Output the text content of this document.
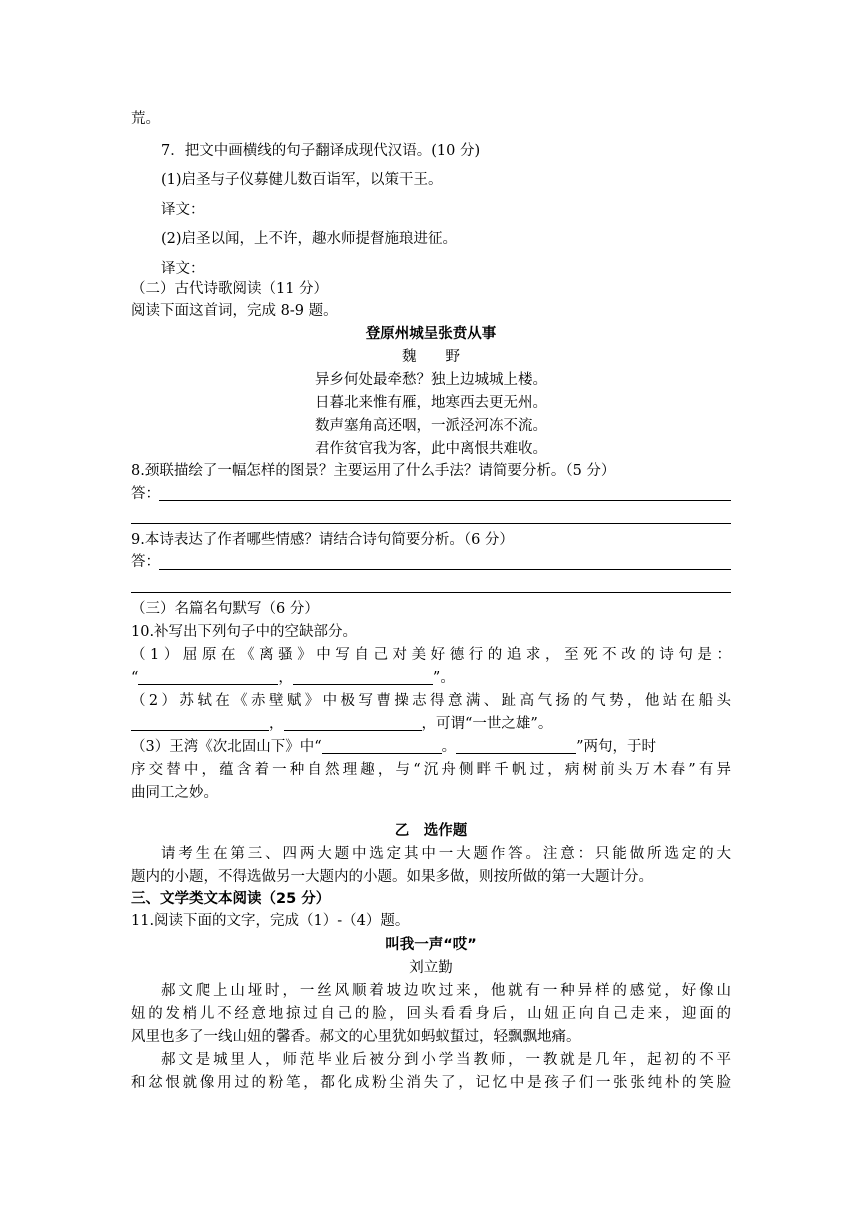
荒。
7．把文中画横线的句子翻译成现代汉语。(10 分)
(1)启圣与子仪募健儿数百诣军，以策干王。
译文：
(2)启圣以闻，上不许，趣水师提督施琅进征。
译文：
（二）古代诗歌阅读（11 分）
阅读下面这首词，完成 8-9 题。
登原州城呈张贲从事
魏　　野
异乡何处最牵愁？独上边城城上楼。
日暮北来惟有雁，地寒西去更无州。
数声塞角高还咽，一派泾河冻不流。
君作贫官我为客，此中离恨共难收。
8.颈联描绘了一幅怎样的图景？主要运用了什么手法？请简要分析。（5 分）
答：
9.本诗表达了作者哪些情感？请结合诗句简要分析。（6 分）
答：
（三）名篇名句默写（6 分）
10.补写出下列句子中的空缺部分。
（1）屈原在《离骚》中写自己对美好德行的追求，至死不改的诗句是：
“	，	”。
（2）苏轼在《赤壁赋》中极写曹操志得意满、趾高气扬的气势，他站在船头
，	，可谓“一世之雄”。
（3）王湾《次北固山下》中“	。	”两句，于时
序交替中，蕴含着一种自然理趣，与“沉舟侧畔千帆过，病树前头万木春”有异
曲同工之妙。
乙　选作题
请考生在第三、四两大题中选定其中一大题作答。注意：只能做所选定的大
题内的小题，不得选做另一大题内的小题。如果多做，则按所做的第一大题计分。
三、文学类文本阅读（25 分）
11.阅读下面的文字，完成（1）-（4）题。
叫我一声“哎”
刘立勤
郝文爬上山垭时，一丝风顺着坡边吹过来，他就有一种异样的感觉，好像山
妞的发梢儿不经意地掠过自己的脸，回头看看身后，山妞正向自己走来，迎面的
风里也多了一线山妞的馨香。郝文的心里犹如蚂蚁蜇过，轻飘飘地痛。
郝文是城里人，师范毕业后被分到小学当教师，一教就是几年，起初的不平
和忿恨就像用过的粉笔，都化成粉尘消失了，记忆中是孩子们一张张纯朴的笑脸
